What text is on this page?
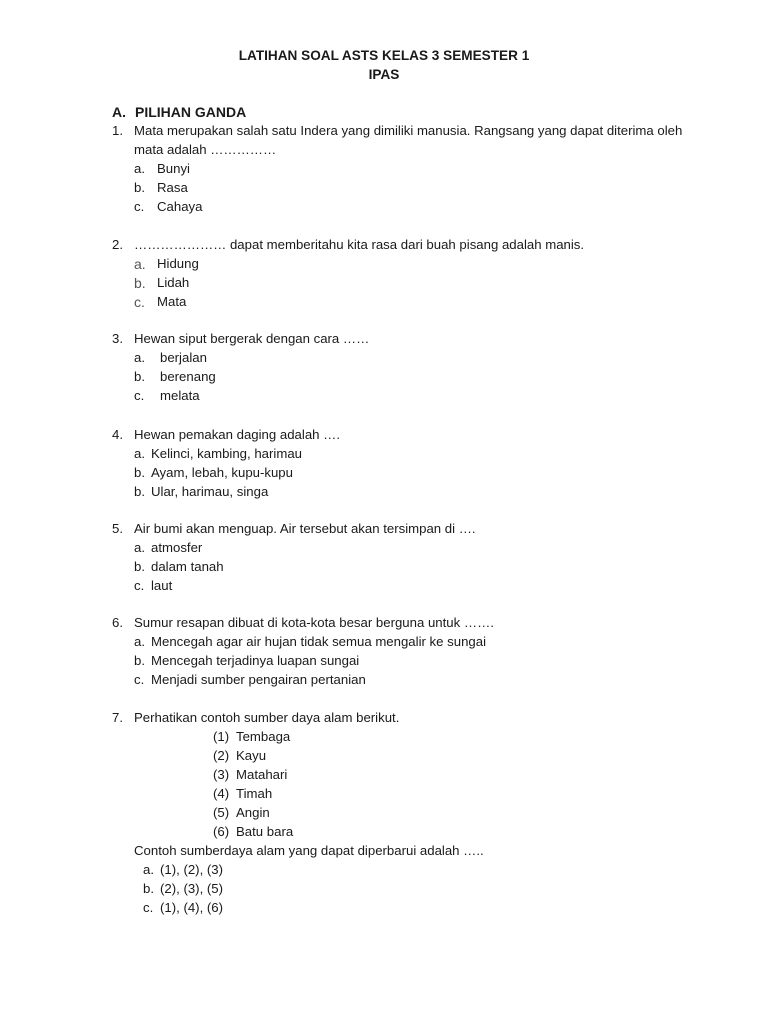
LATIHAN SOAL ASTS KELAS 3 SEMESTER 1
IPAS
A. PILIHAN GANDA
1. Mata merupakan salah satu Indera yang dimiliki manusia. Rangsang yang dapat diterima oleh mata adalah ……………
a. Bunyi
b. Rasa
c. Cahaya
2. ………………… dapat memberitahu kita rasa dari buah pisang adalah manis.
a. Hidung
b. Lidah
c. Mata
3. Hewan siput bergerak dengan cara ……
a. berjalan
b. berenang
c. melata
4. Hewan pemakan daging adalah ….
a. Kelinci, kambing, harimau
b. Ayam, lebah, kupu-kupu
b. Ular, harimau, singa
5. Air bumi akan menguap. Air tersebut akan tersimpan di ….
a. atmosfer
b. dalam tanah
c. laut
6. Sumur resapan dibuat di kota-kota besar berguna untuk …….
a. Mencegah agar air hujan tidak semua mengalir ke sungai
b. Mencegah terjadinya luapan sungai
c. Menjadi sumber pengairan pertanian
7. Perhatikan contoh sumber daya alam berikut.
(1) Tembaga
(2) Kayu
(3) Matahari
(4) Timah
(5) Angin
(6) Batu bara
Contoh sumberdaya alam yang dapat diperbarui adalah …..
a. (1), (2), (3)
b. (2), (3), (5)
c. (1), (4), (6)
